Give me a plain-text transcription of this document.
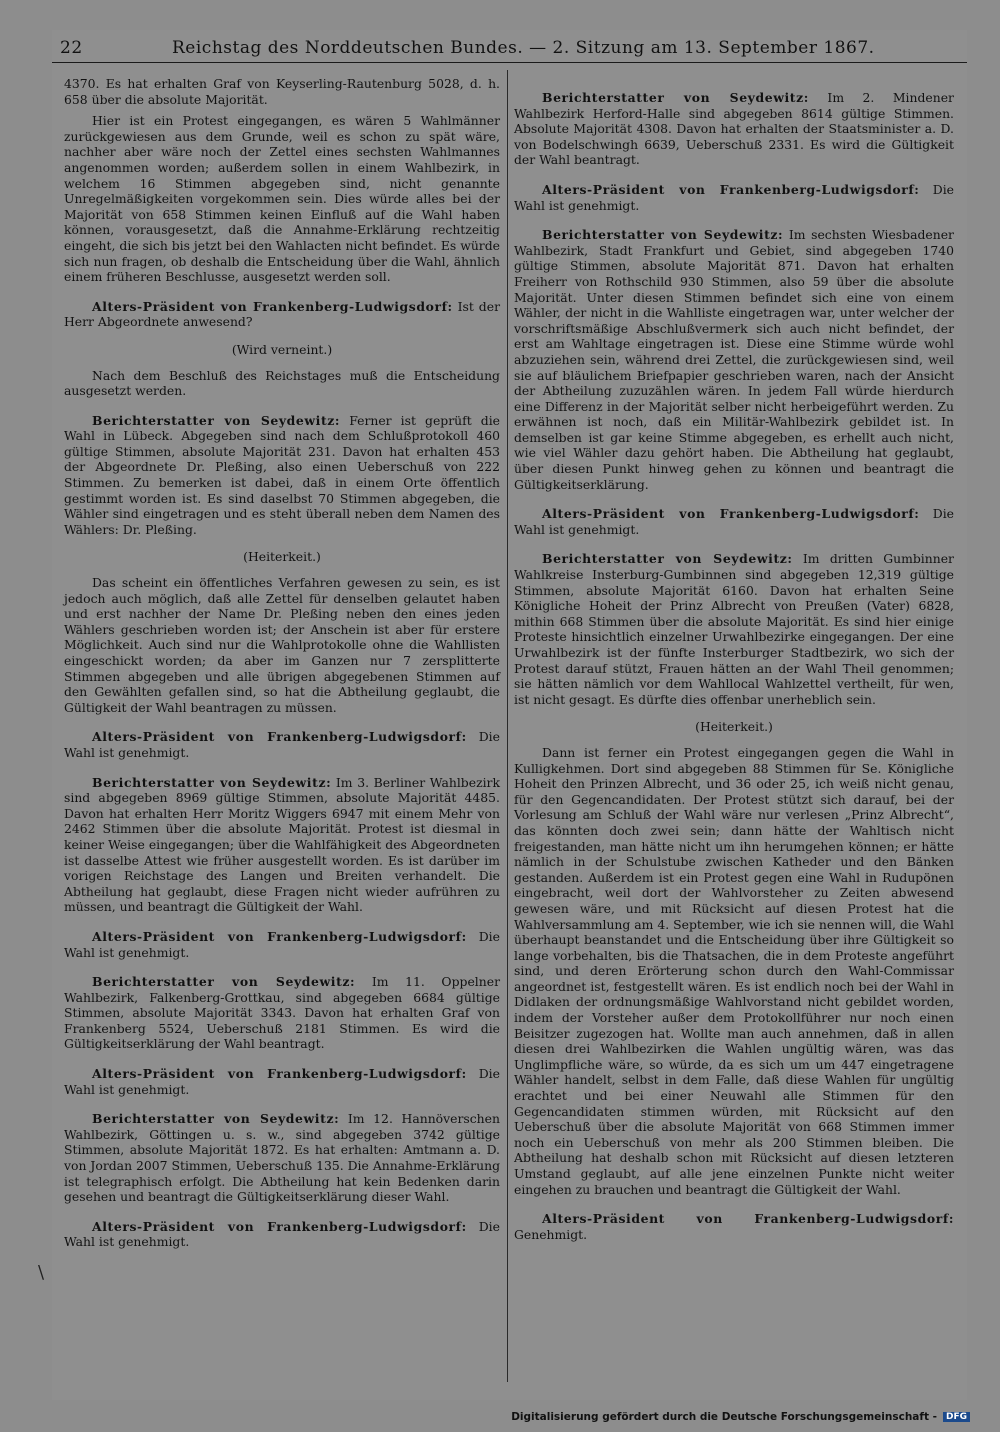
22	Reichstag des Norddeutschen Bundes. — 2. Sitzung am 13. September 1867.

4370. Es hat erhalten Graf von Keyserling-Rautenburg 5028, d. h. 658 über die absolute Majorität.

Hier ist ein Protest eingegangen, es wären 5 Wahlmänner zurückgewiesen aus dem Grunde, weil es schon zu spät wäre, nachher aber wäre noch der Zettel eines sechsten Wahlmannes angenommen worden; außerdem sollen in einem Wahlbezirk, in welchem 16 Stimmen abgegeben sind, nicht genannte Unregelmäßigkeiten vorgekommen sein. Dies würde alles bei der Majorität von 658 Stimmen keinen Einfluß auf die Wahl haben können, vorausgesetzt, daß die Annahme-Erklärung rechtzeitig eingeht, die sich bis jetzt bei den Wahlacten nicht befindet. Es würde sich nun fragen, ob deshalb die Entscheidung über die Wahl, ähnlich einem früheren Beschlusse, ausgesetzt werden soll.

Alters-Präsident von Frankenberg-Ludwigsdorf: Ist der Herr Abgeordnete anwesend?

(Wird verneint.)

Nach dem Beschluß des Reichstages muß die Entscheidung ausgesetzt werden.

Berichterstatter von Seydewitz: Ferner ist geprüft die Wahl in Lübeck. Abgegeben sind nach dem Schlußprotokoll 460 gültige Stimmen, absolute Majorität 231. Davon hat erhalten 453 der Abgeordnete Dr. Pleßing, also einen Ueberschuß von 222 Stimmen. Zu bemerken ist dabei, daß in einem Orte öffentlich gestimmt worden ist. Es sind daselbst 70 Stimmen abgegeben, die Wähler sind eingetragen und es steht überall neben dem Namen des Wählers: Dr. Pleßing.

(Heiterkeit.)

Das scheint ein öffentliches Verfahren gewesen zu sein, es ist jedoch auch möglich, daß alle Zettel für denselben gelautet haben und erst nachher der Name Dr. Pleßing neben den eines jeden Wählers geschrieben worden ist; der Anschein ist aber für erstere Möglichkeit. Auch sind nur die Wahlprotokolle ohne die Wahllisten eingeschickt worden; da aber im Ganzen nur 7 zersplitterte Stimmen abgegeben und alle übrigen abgegebenen Stimmen auf den Gewählten gefallen sind, so hat die Abtheilung geglaubt, die Gültigkeit der Wahl beantragen zu müssen.

Alters-Präsident von Frankenberg-Ludwigsdorf: Die Wahl ist genehmigt.

Berichterstatter von Seydewitz: Im 3. Berliner Wahlbezirk sind abgegeben 8969 gültige Stimmen, absolute Majorität 4485. Davon hat erhalten Herr Moritz Wiggers 6947 mit einem Mehr von 2462 Stimmen über die absolute Majorität. Protest ist diesmal in keiner Weise eingegangen; über die Wahlfähigkeit des Abgeordneten ist dasselbe Attest wie früher ausgestellt worden. Es ist darüber im vorigen Reichstage des Langen und Breiten verhandelt. Die Abtheilung hat geglaubt, diese Fragen nicht wieder aufrühren zu müssen, und beantragt die Gültigkeit der Wahl.

Alters-Präsident von Frankenberg-Ludwigsdorf: Die Wahl ist genehmigt.

Berichterstatter von Seydewitz: Im 11. Oppelner Wahlbezirk, Falkenberg-Grottkau, sind abgegeben 6684 gültige Stimmen, absolute Majorität 3343. Davon hat erhalten Graf von Frankenberg 5524, Ueberschuß 2181 Stimmen. Es wird die Gültigkeitserklärung der Wahl beantragt.

Alters-Präsident von Frankenberg-Ludwigsdorf: Die Wahl ist genehmigt.

Berichterstatter von Seydewitz: Im 12. Hannöverschen Wahlbezirk, Göttingen u. s. w., sind abgegeben 3742 gültige Stimmen, absolute Majorität 1872. Es hat erhalten: Amtmann a. D. von Jordan 2007 Stimmen, Ueberschuß 135. Die Annahme-Erklärung ist telegraphisch erfolgt. Die Abtheilung hat kein Bedenken darin gesehen und beantragt die Gültigkeitserklärung dieser Wahl.

Alters-Präsident von Frankenberg-Ludwigsdorf: Die Wahl ist genehmigt.

Berichterstatter von Seydewitz: Im 2. Mindener Wahlbezirk Herford-Halle sind abgegeben 8614 gültige Stimmen. Absolute Majorität 4308. Davon hat erhalten der Staatsminister a. D. von Bodelschwingh 6639, Ueberschuß 2331. Es wird die Gültigkeit der Wahl beantragt.

Alters-Präsident von Frankenberg-Ludwigsdorf: Die Wahl ist genehmigt.

Berichterstatter von Seydewitz: Im sechsten Wiesbadener Wahlbezirk, Stadt Frankfurt und Gebiet, sind abgegeben 1740 gültige Stimmen, absolute Majorität 871. Davon hat erhalten Freiherr von Rothschild 930 Stimmen, also 59 über die absolute Majorität. Unter diesen Stimmen befindet sich eine von einem Wähler, der nicht in die Wahlliste eingetragen war, unter welcher der vorschriftsmäßige Abschlußvermerk sich auch nicht befindet, der erst am Wahltage eingetragen ist. Diese eine Stimme würde wohl abzuziehen sein, während drei Zettel, die zurückgewiesen sind, weil sie auf bläulichem Briefpapier geschrieben waren, nach der Ansicht der Abtheilung zuzuzählen wären. In jedem Fall würde hierdurch eine Differenz in der Majorität selber nicht herbeigeführt werden. Zu erwähnen ist noch, daß ein Militär-Wahlbezirk gebildet ist. In demselben ist gar keine Stimme abgegeben, es erhellt auch nicht, wie viel Wähler dazu gehört haben. Die Abtheilung hat geglaubt, über diesen Punkt hinweg gehen zu können und beantragt die Gültigkeitserklärung.

Alters-Präsident von Frankenberg-Ludwigsdorf: Die Wahl ist genehmigt.

Berichterstatter von Seydewitz: Im dritten Gumbinner Wahlkreise Insterburg-Gumbinnen sind abgegeben 12,319 gültige Stimmen, absolute Majorität 6160. Davon hat erhalten Seine Königliche Hoheit der Prinz Albrecht von Preußen (Vater) 6828, mithin 668 Stimmen über die absolute Majorität. Es sind hier einige Proteste hinsichtlich einzelner Urwahlbezirke eingegangen. Der eine Urwahlbezirk ist der fünfte Insterburger Stadtbezirk, wo sich der Protest darauf stützt, Frauen hätten an der Wahl Theil genommen; sie hätten nämlich vor dem Wahllocal Wahlzettel vertheilt, für wen, ist nicht gesagt. Es dürfte dies offenbar unerheblich sein.

(Heiterkeit.)

Dann ist ferner ein Protest eingegangen gegen die Wahl in Kulligkehmen. Dort sind abgegeben 88 Stimmen für Se. Königliche Hoheit den Prinzen Albrecht, und 36 oder 25, ich weiß nicht genau, für den Gegencandidaten. Der Protest stützt sich darauf, bei der Vorlesung am Schluß der Wahl wäre nur verlesen „Prinz Albrecht“, das könnten doch zwei sein; dann hätte der Wahltisch nicht freigestanden, man hätte nicht um ihn herumgehen können; er hätte nämlich in der Schulstube zwischen Katheder und den Bänken gestanden. Außerdem ist ein Protest gegen eine Wahl in Rudupönen eingebracht, weil dort der Wahlvorsteher zu Zeiten abwesend gewesen wäre, und mit Rücksicht auf diesen Protest hat die Wahlversammlung am 4. September, wie ich sie nennen will, die Wahl überhaupt beanstandet und die Entscheidung über ihre Gültigkeit so lange vorbehalten, bis die Thatsachen, die in dem Proteste angeführt sind, und deren Erörterung schon durch den Wahl-Commissar angeordnet ist, festgestellt wären. Es ist endlich noch bei der Wahl in Didlaken der ordnungsmäßige Wahlvorstand nicht gebildet worden, indem der Vorsteher außer dem Protokollführer nur noch einen Beisitzer zugezogen hat. Wollte man auch annehmen, daß in allen diesen drei Wahlbezirken die Wahlen ungültig wären, was das Unglimpfliche wäre, so würde, da es sich um um 447 eingetragene Wähler handelt, selbst in dem Falle, daß diese Wahlen für ungültig erachtet und bei einer Neuwahl alle Stimmen für den Gegencandidaten stimmen würden, mit Rücksicht auf den Ueberschuß über die absolute Majorität von 668 Stimmen immer noch ein Ueberschuß von mehr als 200 Stimmen bleiben. Die Abtheilung hat deshalb schon mit Rücksicht auf diesen letzteren Umstand geglaubt, auf alle jene einzelnen Punkte nicht weiter eingehen zu brauchen und beantragt die Gültigkeit der Wahl.

Alters-Präsident von Frankenberg-Ludwigsdorf: Genehmigt.

\
Digitalisierung gefördert durch die Deutsche Forschungsgemeinschaft - DFG
